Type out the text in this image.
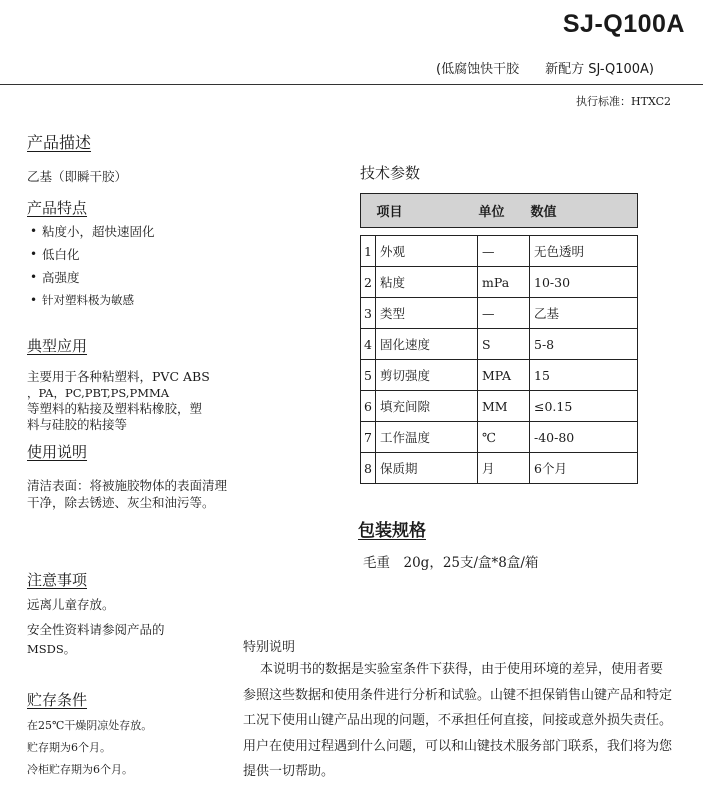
SJ-Q100A
(低腐蚀快干胶　　新配方 SJ-Q100A)
执行标准：HTXC2
产品描述
乙基（即瞬干胶）
产品特点
• 粘度小，超快速固化
• 低白化
• 高强度
• 针对塑料极为敏感
典型应用
主要用于各种粘塑料，PVC ABS
，PA，PC,PBT,PS,PMMA
等塑料的粘接及塑料粘橡胶，塑
料与硅胶的粘接等
使用说明
清洁表面：将被施胶物体的表面清理
干净，除去锈迹、灰尘和油污等。
注意事项
远离儿童存放。
安全性资料请参阅产品的
MSDS。
贮存条件
在25℃干燥阴凉处存放。
贮存期为6个月。
冷柜贮存期为6个月。
技术参数
	项目	单位	数值

1	外观	—	无色透明
2	粘度	mPa	10-30
3	类型	—	乙基
4	固化速度	S	5-8
5	剪切强度	MPA	15
6	填充间隙	MM	≤0.15
7	工作温度	℃	-40-80
8	保质期	月	6个月
包装规格
毛重　20g，25支/盒*8盒/箱
特别说明
本说明书的数据是实验室条件下获得，由于使用环境的差异，使用者要参照这些数据和使用条件进行分析和试验。山键不担保销售山键产品和特定工况下使用山键产品出现的问题，不承担任何直接，间接或意外损失责任。用户在使用过程遇到什么问题，可以和山键技术服务部门联系，我们将为您提供一切帮助。
